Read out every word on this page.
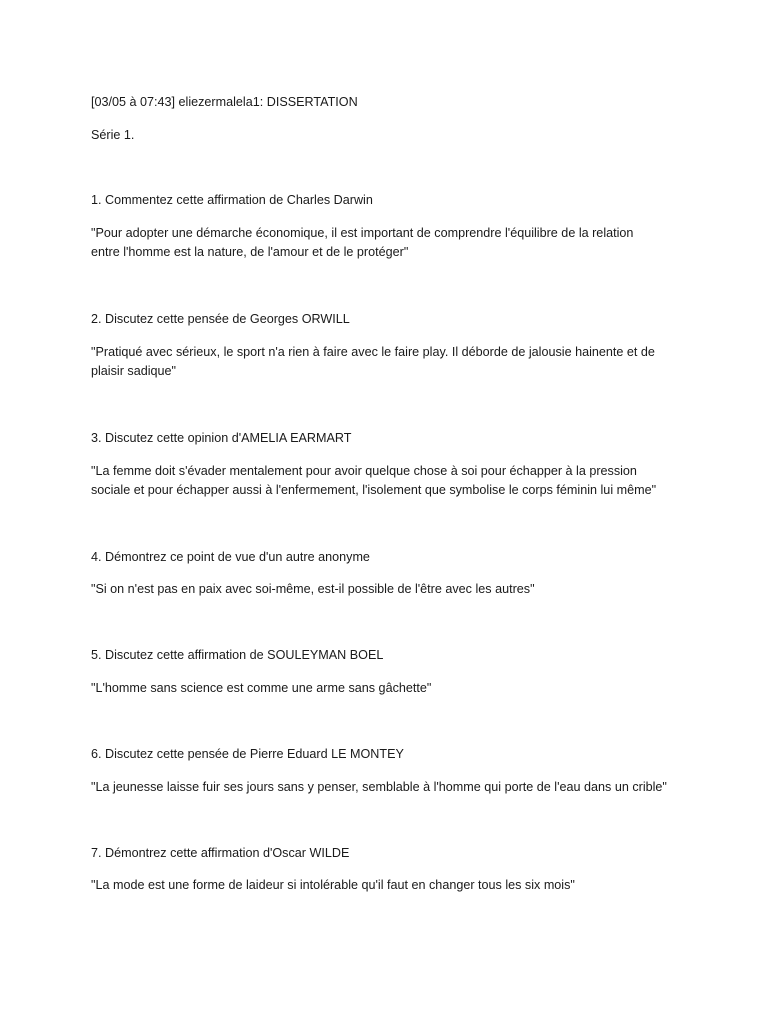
[03/05 à 07:43] eliezermalela1: DISSERTATION
Série 1.
1. Commentez cette affirmation de Charles Darwin
"Pour adopter une démarche économique, il est important de comprendre l'équilibre de la relation
entre l'homme est la nature, de l'amour et de le protéger"
2. Discutez cette pensée de Georges ORWILL
"Pratiqué avec sérieux, le sport n'a rien à faire avec le faire play. Il déborde de jalousie hainente et de
plaisir sadique"
3. Discutez cette opinion d'AMELIA EARMART
"La femme doit s'évader mentalement pour avoir quelque chose à soi pour échapper à la pression
sociale et pour échapper aussi à l'enfermement, l'isolement que symbolise le corps féminin lui même"
4. Démontrez ce point de vue d'un autre anonyme
"Si on n'est pas en paix avec soi-même, est-il possible de l'être avec les autres"
5. Discutez cette affirmation de SOULEYMAN BOEL
"L'homme sans science est comme une arme sans gâchette"
6. Discutez cette pensée de Pierre Eduard LE MONTEY
"La jeunesse laisse fuir ses jours sans y penser, semblable à l'homme qui porte de l'eau dans un crible"
7. Démontrez cette affirmation d'Oscar WILDE
"La mode est une forme de laideur si intolérable qu'il faut en changer tous les six mois"
